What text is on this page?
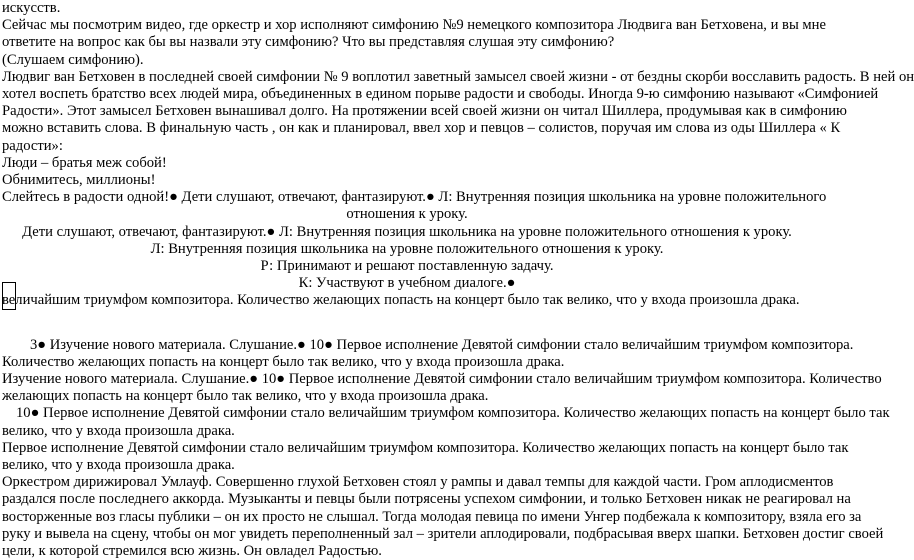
искусств.
Сейчас мы посмотрим видео, где оркестр и хор исполняют симфонию №9 немецкого композитора Людвига ван Бетховена, и вы мне
ответите на вопрос как бы вы назвали эту симфонию? Что вы представляя слушая эту симфонию?
(Слушаем симфонию).
Людвиг ван Бетховен в последней своей симфонии № 9 воплотил заветный замысел своей жизни - от бездны скорби восславить радость. В ней он
хотел воспеть братство всех людей мира, объединенных в едином порыве радости и свободы. Иногда 9-ю симфонию называют «Симфонией
Радости». Этот замысел Бетховен вынашивал долго. На протяжении всей своей жизни он читал Шиллера, продумывая как в симфонию
можно вставить слова. В финальную часть , он как и планировал, ввел хор и певцов – солистов, поручая им слова из оды Шиллера « К
радости»:
Люди – братья меж собой!
Обнимитесь, миллионы!
Слейтесь в радости одной!● Дети слушают, отвечают, фантазируют.● Л: Внутренняя позиция школьника на уровне положительного
отношения к уроку.
Дети слушают, отвечают, фантазируют.● Л: Внутренняя позиция школьника на уровне положительного отношения к уроку.
Л: Внутренняя позиция школьника на уровне положительного отношения к уроку.
Р: Принимают и решают поставленную задачу.
К: Участвуют в учебном диалоге.●
величайшим триумфом композитора. Количество желающих попасть на концерт было так велико, что у входа произошла драка.
3● Изучение нового материала. Слушание.● 10● Первое исполнение Девятой симфонии стало величайшим триумфом композитора.
Количество желающих попасть на концерт было так велико, что у входа произошла драка.
Изучение нового материала. Слушание.● 10● Первое исполнение Девятой симфонии стало величайшим триумфом композитора. Количество
желающих попасть на концерт было так велико, что у входа произошла драка.
10● Первое исполнение Девятой симфонии стало величайшим триумфом композитора. Количество желающих попасть на концерт было так
велико, что у входа произошла драка.
Первое исполнение Девятой симфонии стало величайшим триумфом композитора. Количество желающих попасть на концерт было так
велико, что у входа произошла драка.
Оркестром дирижировал Умлауф. Совершенно глухой Бетховен стоял у рампы и давал темпы для каждой части. Гром аплодисментов
раздался после последнего аккорда. Музыканты и певцы были потрясены успехом симфонии, и только Бетховен никак не реагировал на
восторженные воз гласы публики – он их просто не слышал. Тогда молодая певица по имени Унгер подбежала к композитору, взяла его за
руку и вывела на сцену, чтобы он мог увидеть переполненный зал – зрители аплодировали, подбрасывая вверх шапки. Бетховен достиг своей
цели, к которой стремился всю жизнь. Он овладел Радостью.
